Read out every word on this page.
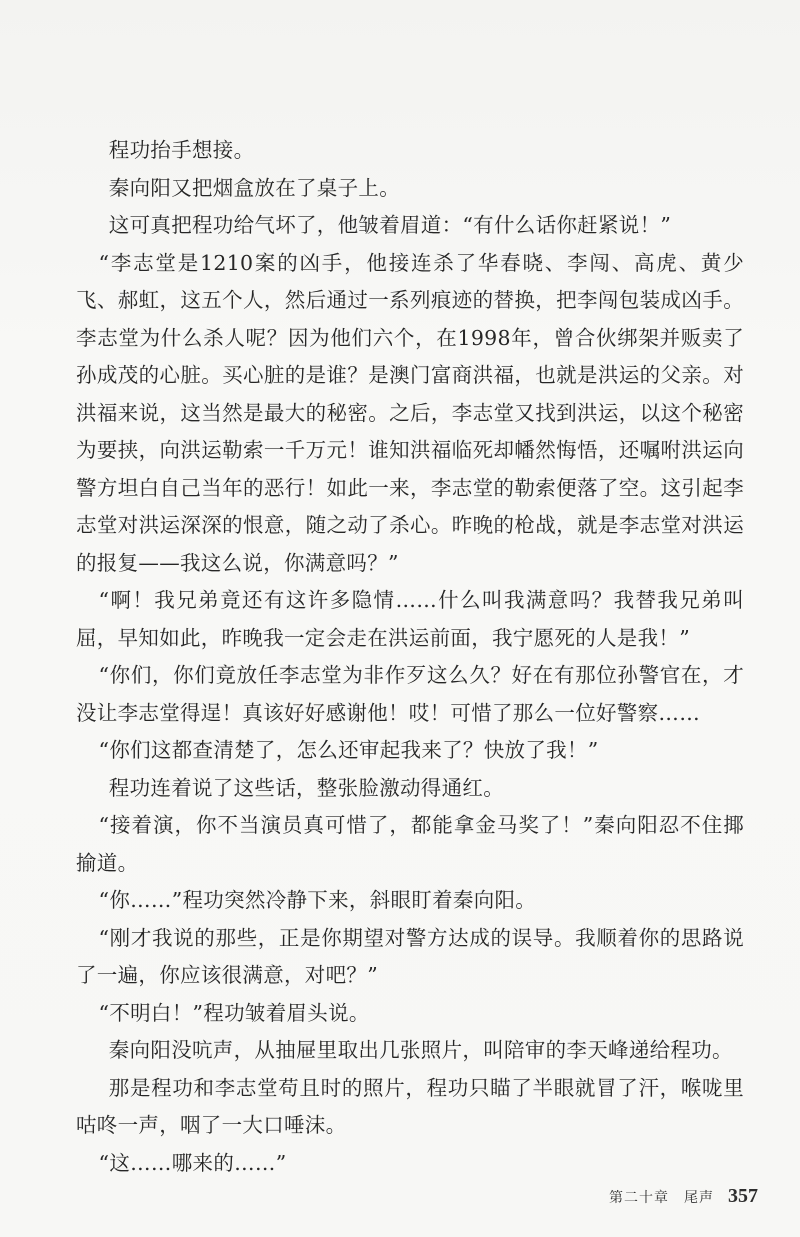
程功抬手想接。

秦向阳又把烟盒放在了桌子上。

这可真把程功给气坏了，他皱着眉道：“有什么话你赶紧说！”

“李志堂是1210案的凶手，他接连杀了华春晓、李闯、高虎、黄少飞、郝虹，这五个人，然后通过一系列痕迹的替换，把李闯包装成凶手。李志堂为什么杀人呢？因为他们六个，在1998年，曾合伙绑架并贩卖了孙成茂的心脏。买心脏的是谁？是澳门富商洪福，也就是洪运的父亲。对洪福来说，这当然是最大的秘密。之后，李志堂又找到洪运，以这个秘密为要挟，向洪运勒索一千万元！谁知洪福临死却幡然悔悟，还嘱咐洪运向警方坦白自己当年的恶行！如此一来，李志堂的勒索便落了空。这引起李志堂对洪运深深的恨意，随之动了杀心。昨晚的枪战，就是李志堂对洪运的报复——我这么说，你满意吗？”

“啊！我兄弟竟还有这许多隐情……什么叫我满意吗？我替我兄弟叫屈，早知如此，昨晚我一定会走在洪运前面，我宁愿死的人是我！”

“你们，你们竟放任李志堂为非作歹这么久？好在有那位孙警官在，才没让李志堂得逞！真该好好感谢他！哎！可惜了那么一位好警察……

“你们这都查清楚了，怎么还审起我来了？快放了我！”

程功连着说了这些话，整张脸激动得通红。

“接着演，你不当演员真可惜了，都能拿金马奖了！”秦向阳忍不住揶揄道。

“你……”程功突然冷静下来，斜眼盯着秦向阳。

“刚才我说的那些，正是你期望对警方达成的误导。我顺着你的思路说了一遍，你应该很满意，对吧？”

“不明白！”程功皱着眉头说。

秦向阳没吭声，从抽屉里取出几张照片，叫陪审的李天峰递给程功。

那是程功和李志堂苟且时的照片，程功只瞄了半眼就冒了汗，喉咙里咕咚一声，咽了一大口唾沫。

“这……哪来的……”

第二十章　尾声 357
